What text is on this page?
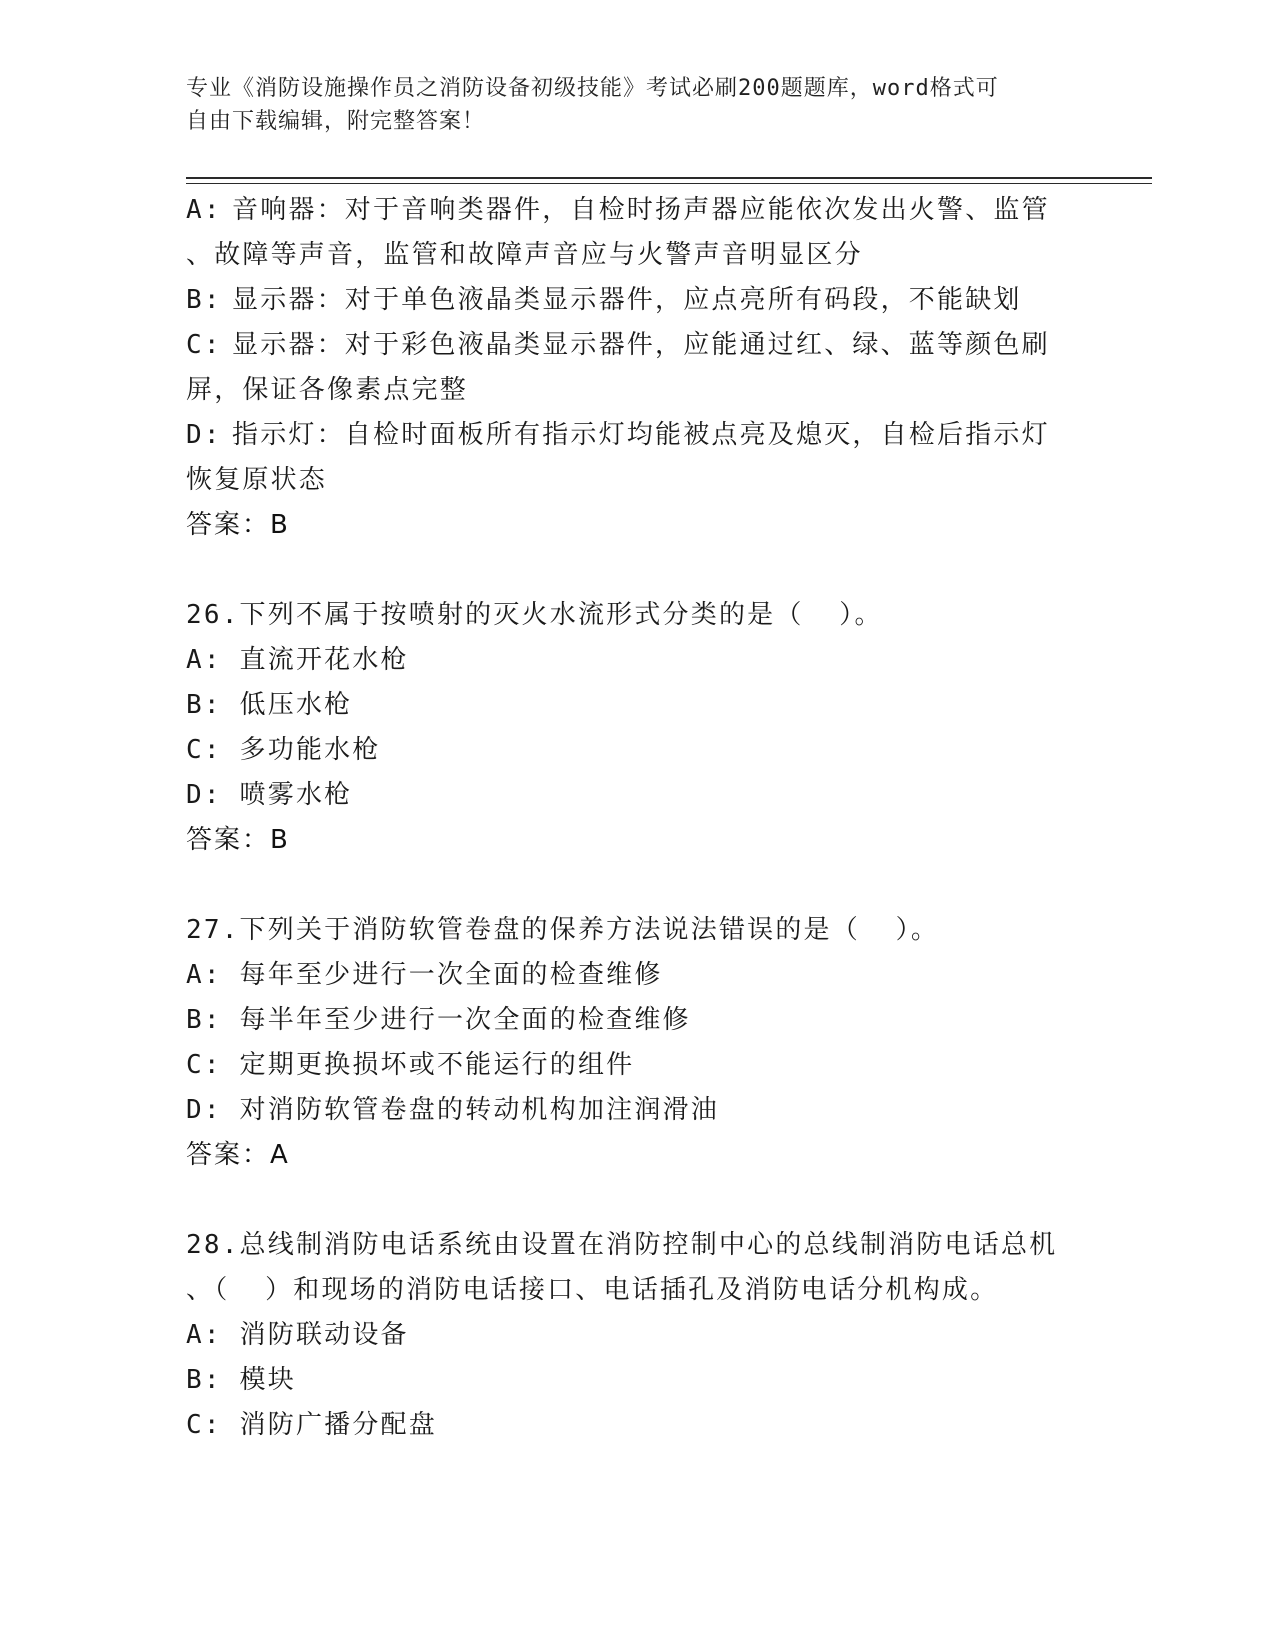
专业《消防设施操作员之消防设备初级技能》考试必刷200题题库，word格式可
自由下载编辑，附完整答案！

A: 音响器：对于音响类器件，自检时扬声器应能依次发出火警、监管

、故障等声音，监管和故障声音应与火警声音明显区分

B: 显示器：对于单色液晶类显示器件，应点亮所有码段，不能缺划

C: 显示器：对于彩色液晶类显示器件，应能通过红、绿、蓝等颜色刷

屏，保证各像素点完整

D: 指示灯：自检时面板所有指示灯均能被点亮及熄灭，自检后指示灯

恢复原状态

答案：B

26.下列不属于按喷射的灭火水流形式分类的是（  ）。

A: 直流开花水枪

B: 低压水枪

C: 多功能水枪

D: 喷雾水枪

答案：B

27.下列关于消防软管卷盘的保养方法说法错误的是（  ）。

A: 每年至少进行一次全面的检查维修

B: 每半年至少进行一次全面的检查维修

C: 定期更换损坏或不能运行的组件

D: 对消防软管卷盘的转动机构加注润滑油

答案：A

28.总线制消防电话系统由设置在消防控制中心的总线制消防电话总机

、（  ）和现场的消防电话接口、电话插孔及消防电话分机构成。

A: 消防联动设备

B: 模块

C: 消防广播分配盘
